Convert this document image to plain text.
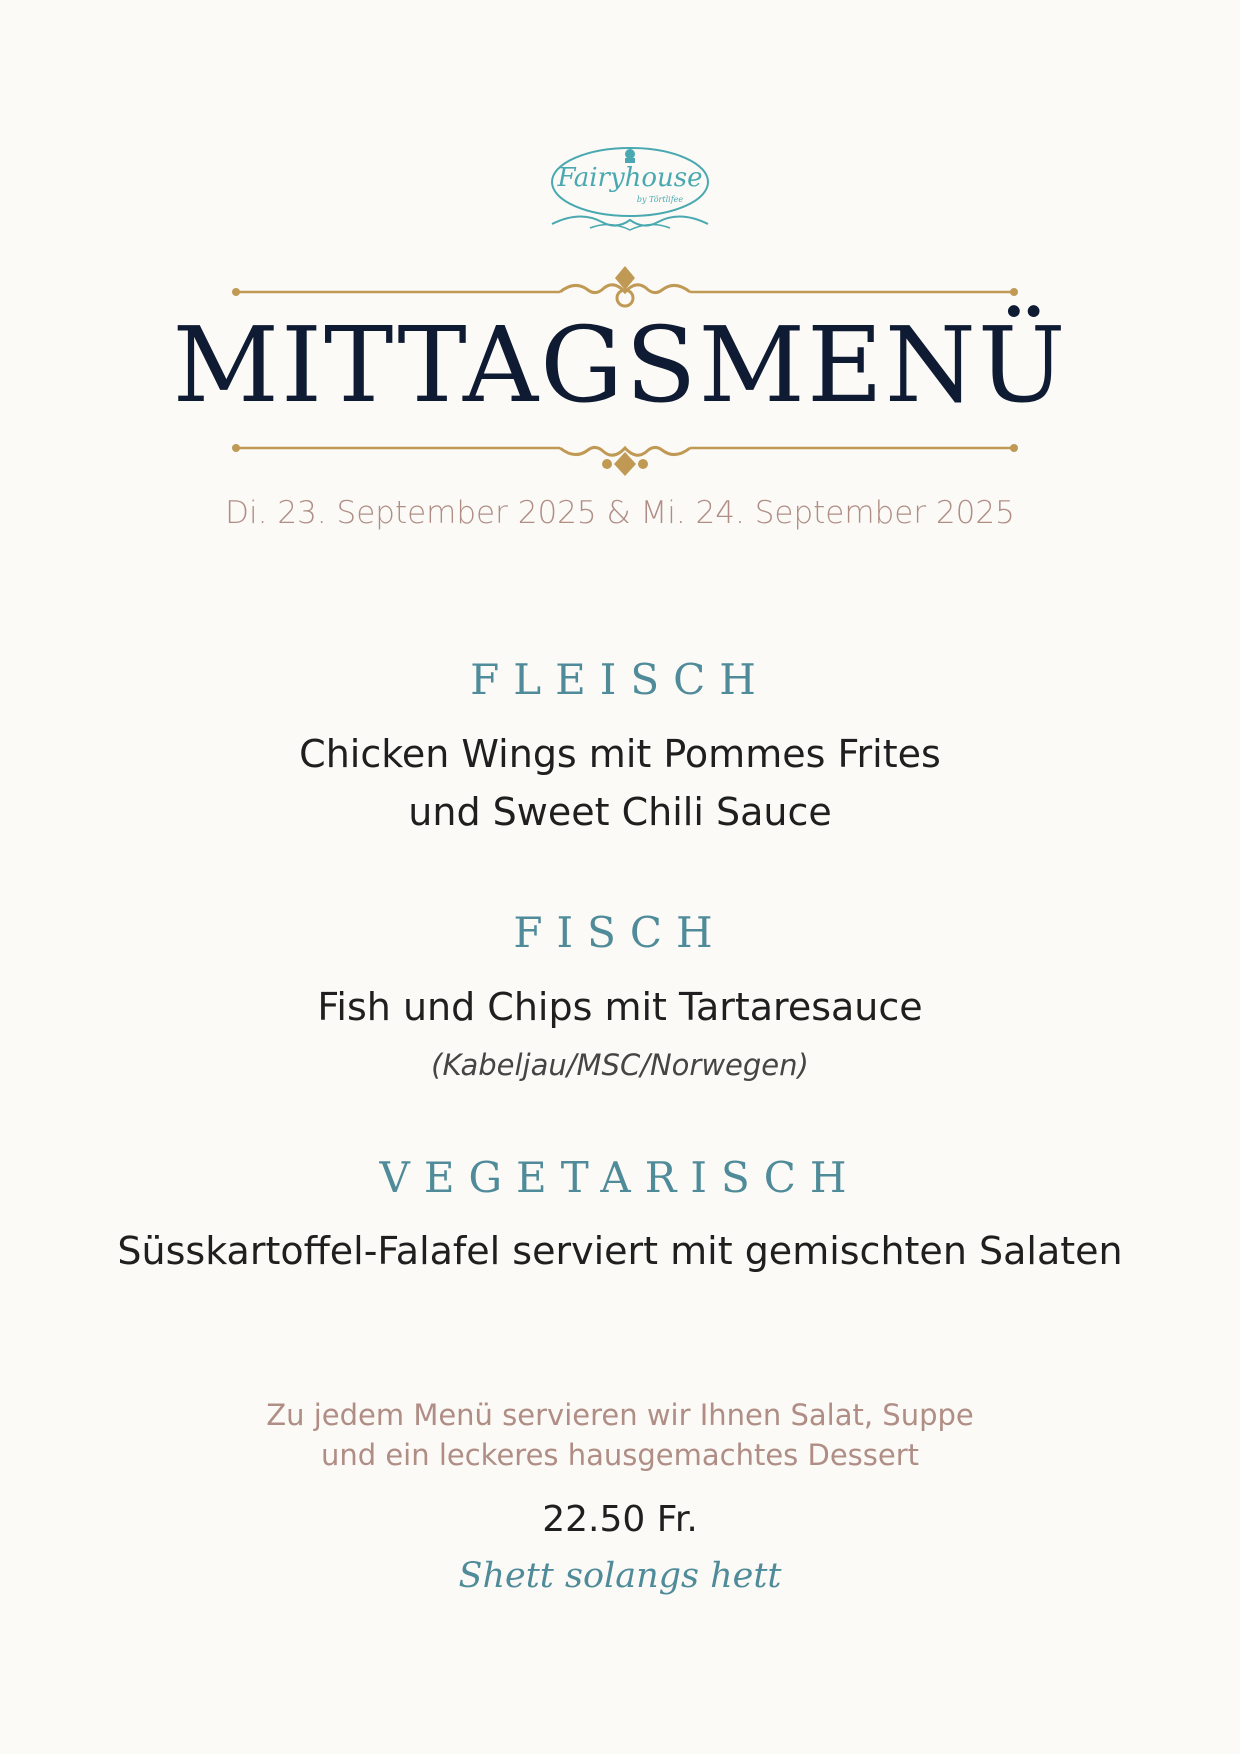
Fairyhouse
by Törtlifee
MITTAGSMENÜ
Di. 23. September 2025 & Mi. 24. September 2025
FLEISCH
Chicken Wings mit Pommes Frites
und Sweet Chili Sauce
FISCH
Fish und Chips mit Tartaresauce
(Kabeljau/MSC/Norwegen)
VEGETARISCH
Süsskartoffel-Falafel serviert mit gemischten Salaten
Zu jedem Menü servieren wir Ihnen Salat, Suppe
und ein leckeres hausgemachtes Dessert
22.50 Fr.
Shett solangs hett
